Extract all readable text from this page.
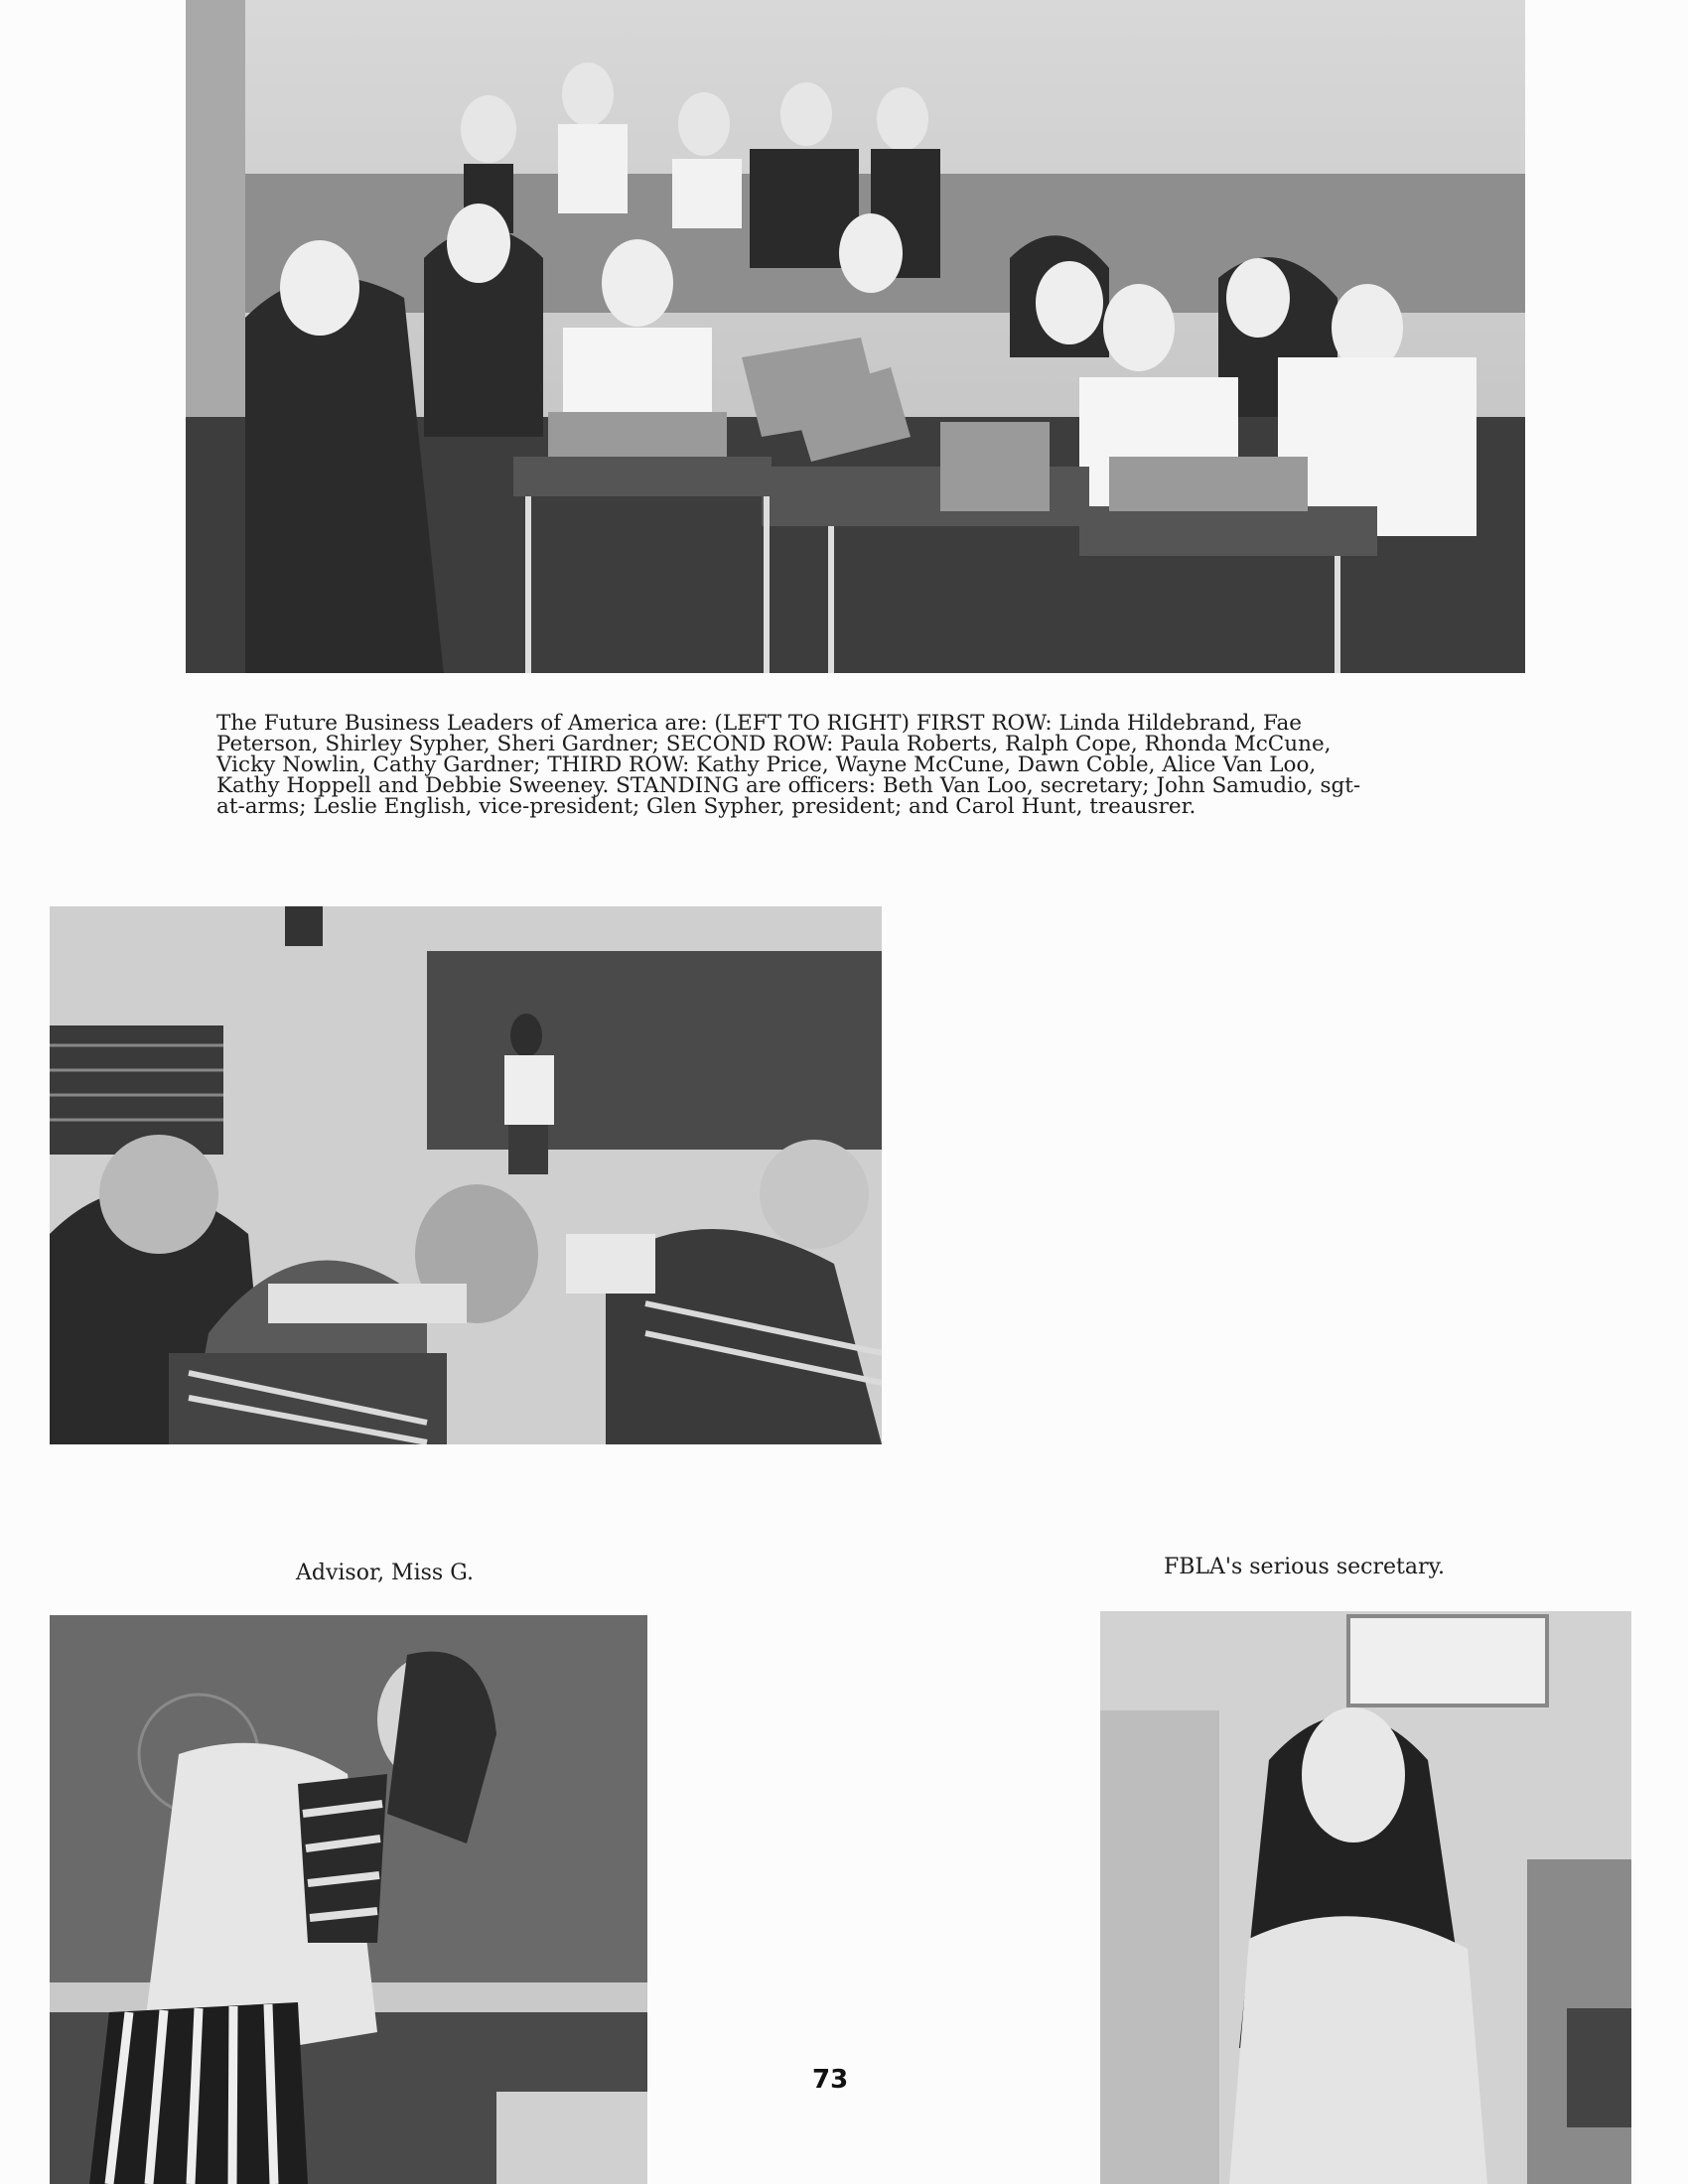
The Future Business Leaders of America are: (LEFT TO RIGHT) FIRST ROW: Linda Hildebrand, Fae
Peterson, Shirley Sypher, Sheri Gardner; SECOND ROW: Paula Roberts, Ralph Cope, Rhonda McCune,
Vicky Nowlin, Cathy Gardner; THIRD ROW: Kathy Price, Wayne McCune, Dawn Coble, Alice Van Loo,
Kathy Hoppell and Debbie Sweeney. STANDING are officers: Beth Van Loo, secretary; John Samudio, sgt-
at-arms; Leslie English, vice-president; Glen Sypher, president; and Carol Hunt, treausrer.
Advisor, Miss G.	FBLA's serious secretary.
73
